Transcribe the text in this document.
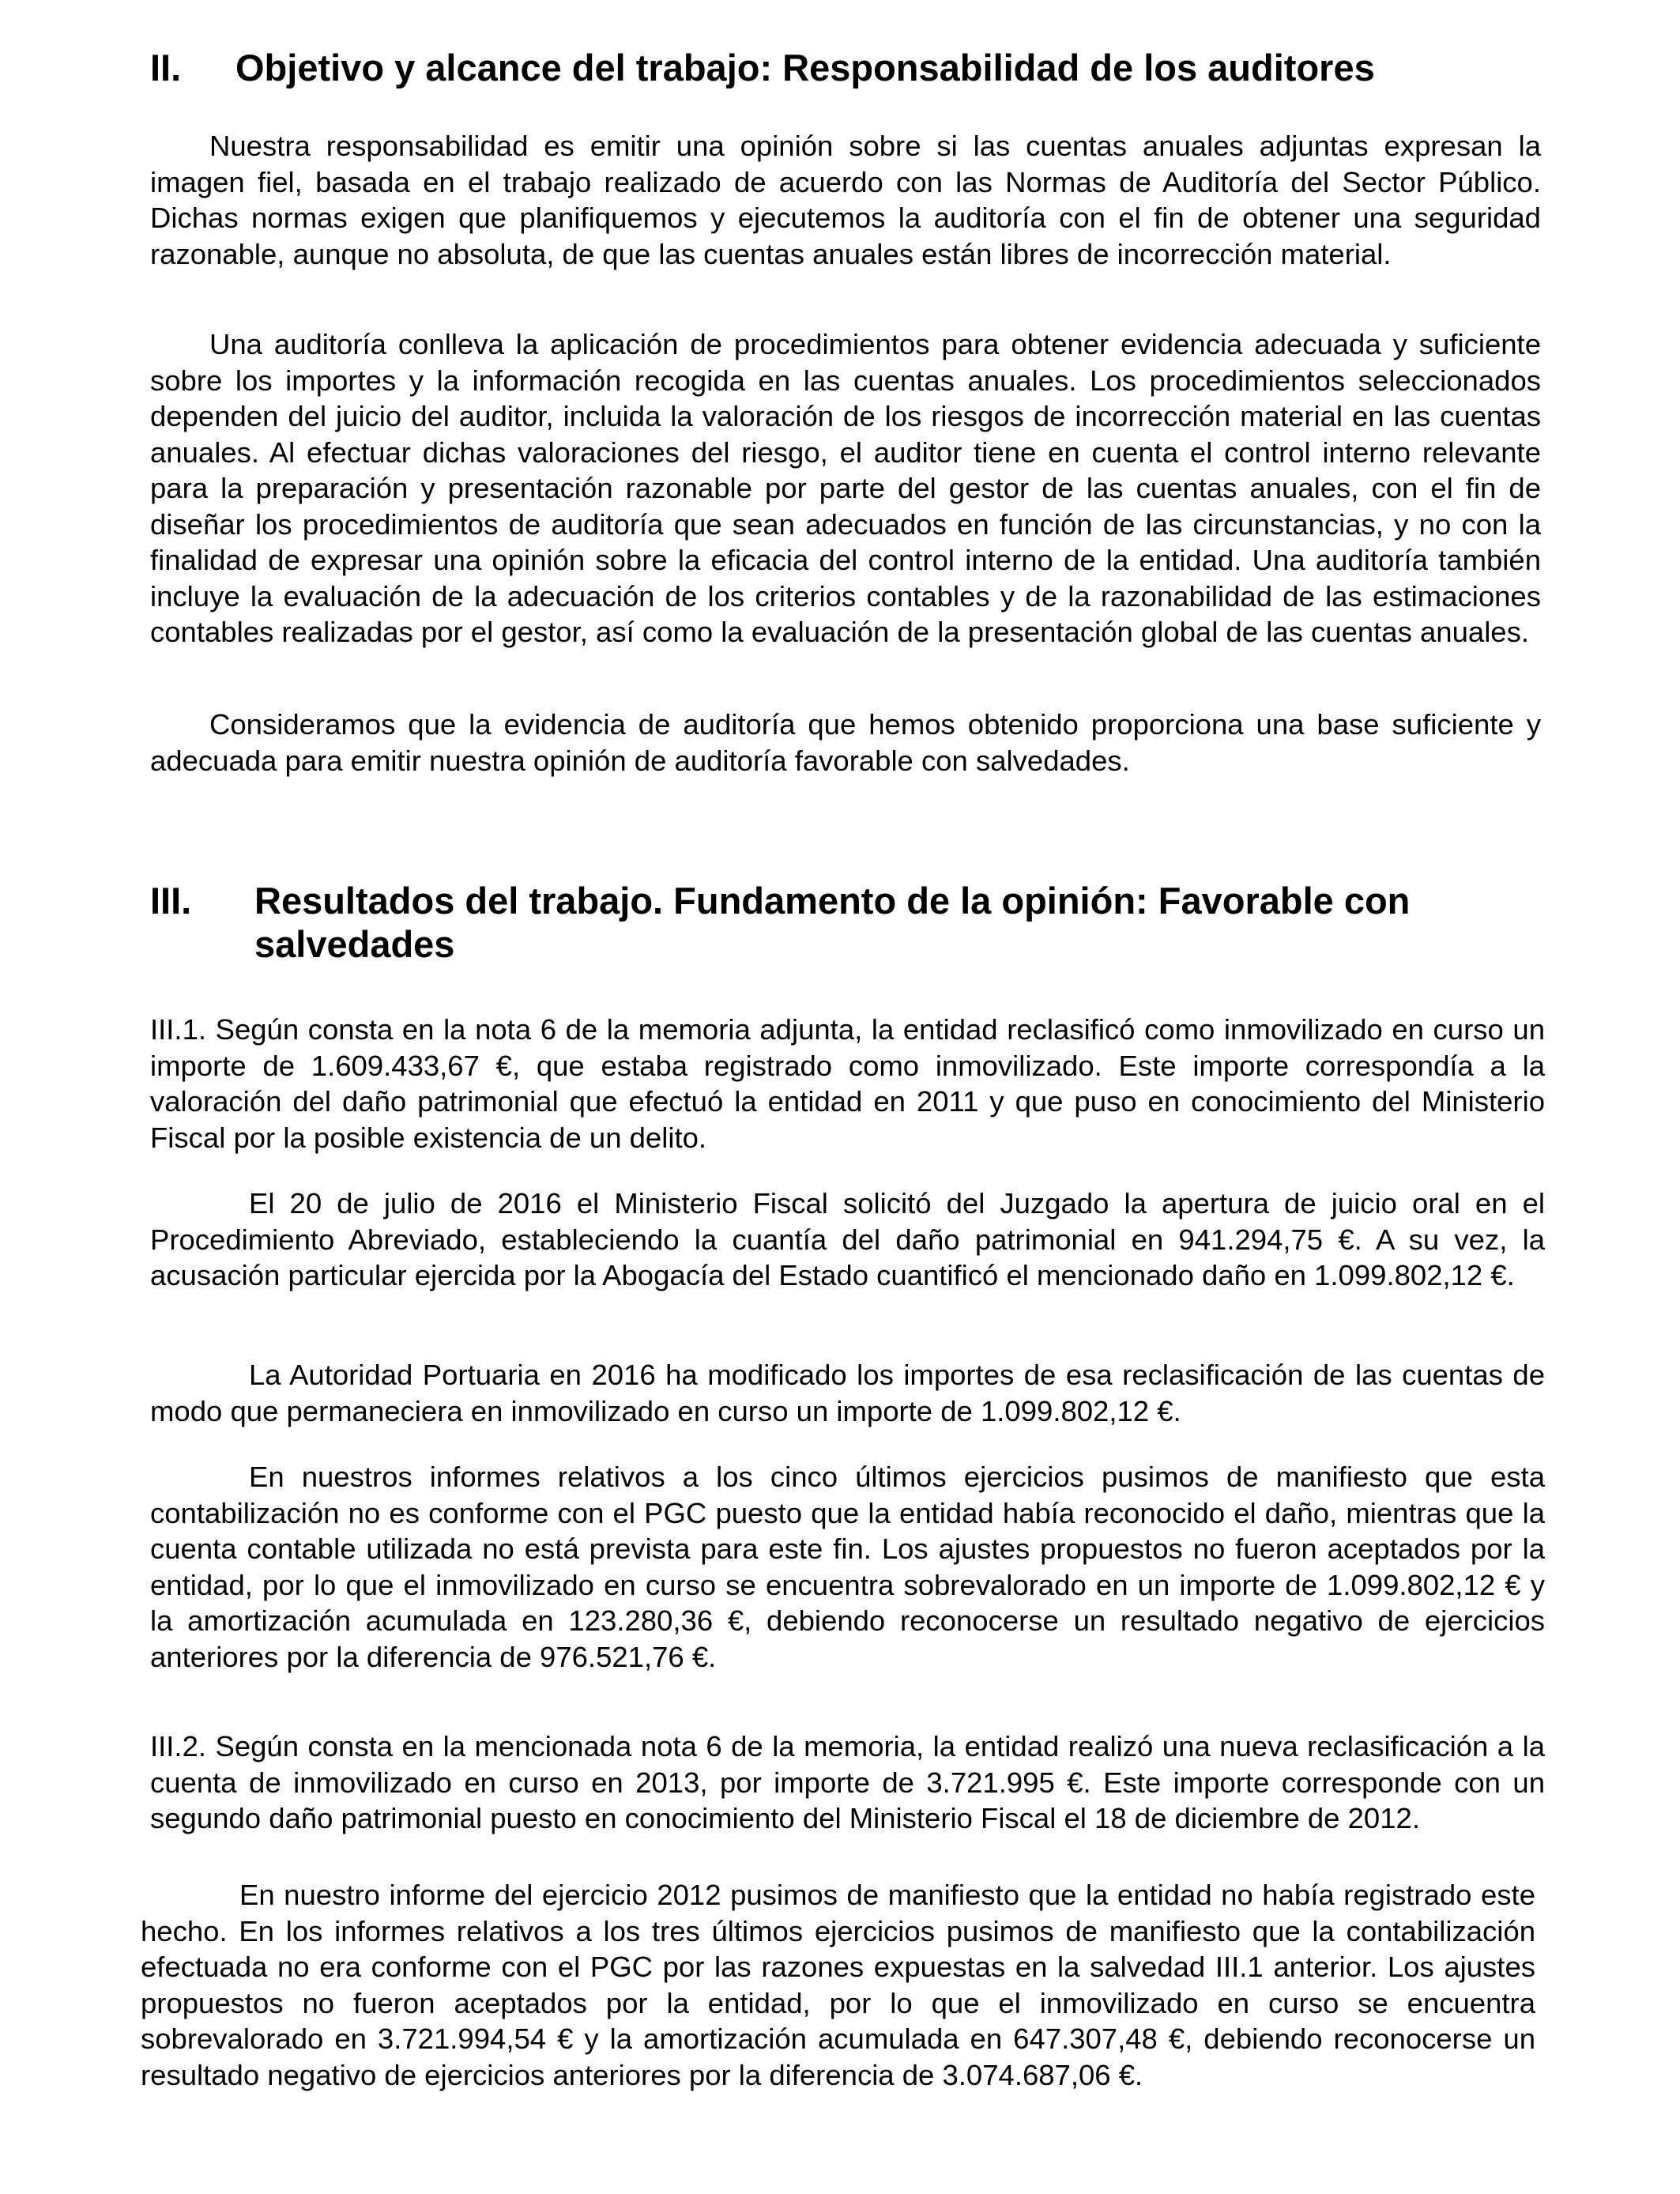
II.	Objetivo y alcance del trabajo: Responsabilidad de los auditores

Nuestra responsabilidad es emitir una opinión sobre si las cuentas anuales adjuntas expresan la imagen fiel, basada en el trabajo realizado de acuerdo con las Normas de Auditoría del Sector Público. Dichas normas exigen que planifiquemos y ejecutemos la auditoría con el fin de obtener una seguridad razonable, aunque no absoluta, de que las cuentas anuales están libres de incorrección material.

Una auditoría conlleva la aplicación de procedimientos para obtener evidencia adecuada y suficiente sobre los importes y la información recogida en las cuentas anuales. Los procedimientos seleccionados dependen del juicio del auditor, incluida la valoración de los riesgos de incorrección material en las cuentas anuales. Al efectuar dichas valoraciones del riesgo, el auditor tiene en cuenta el control interno relevante para la preparación y presentación razonable por parte del gestor de las cuentas anuales, con el fin de diseñar los procedimientos de auditoría que sean adecuados en función de las circunstancias, y no con la finalidad de expresar una opinión sobre la eficacia del control interno de la entidad. Una auditoría también incluye la evaluación de la adecuación de los criterios contables y de la razonabilidad de las estimaciones contables realizadas por el gestor, así como la evaluación de la presentación global de las cuentas anuales.

Consideramos que la evidencia de auditoría que hemos obtenido proporciona una base suficiente y adecuada para emitir nuestra opinión de auditoría favorable con salvedades.

III.	Resultados del trabajo. Fundamento de la opinión: Favorable con salvedades

III.1. Según consta en la nota 6 de la memoria adjunta, la entidad reclasificó como inmovilizado en curso un importe de 1.609.433,67 €, que estaba registrado como inmovilizado. Este importe correspondía a la valoración del daño patrimonial que efectuó la entidad en 2011 y que puso en conocimiento del Ministerio Fiscal por la posible existencia de un delito.

El 20 de julio de 2016 el Ministerio Fiscal solicitó del Juzgado la apertura de juicio oral en el Procedimiento Abreviado, estableciendo la cuantía del daño patrimonial en 941.294,75 €. A su vez, la acusación particular ejercida por la Abogacía del Estado cuantificó el mencionado daño en 1.099.802,12 €.

La Autoridad Portuaria en 2016 ha modificado los importes de esa reclasificación de las cuentas de modo que permaneciera en inmovilizado en curso un importe de 1.099.802,12 €.

En nuestros informes relativos a los cinco últimos ejercicios pusimos de manifiesto que esta contabilización no es conforme con el PGC puesto que la entidad había reconocido el daño, mientras que la cuenta contable utilizada no está prevista para este fin. Los ajustes propuestos no fueron aceptados por la entidad, por lo que el inmovilizado en curso se encuentra sobrevalorado en un importe de 1.099.802,12 € y la amortización acumulada en 123.280,36 €, debiendo reconocerse un resultado negativo de ejercicios anteriores por la diferencia de 976.521,76 €.

III.2. Según consta en la mencionada nota 6 de la memoria, la entidad realizó una nueva reclasificación a la cuenta de inmovilizado en curso en 2013, por importe de 3.721.995 €. Este importe corresponde con un segundo daño patrimonial puesto en conocimiento del Ministerio Fiscal el 18 de diciembre de 2012.

En nuestro informe del ejercicio 2012 pusimos de manifiesto que la entidad no había registrado este hecho. En los informes relativos a los tres últimos ejercicios pusimos de manifiesto que la contabilización efectuada no era conforme con el PGC por las razones expuestas en la salvedad III.1 anterior. Los ajustes propuestos no fueron aceptados por la entidad, por lo que el inmovilizado en curso se encuentra sobrevalorado en 3.721.994,54 € y la amortización acumulada en 647.307,48 €, debiendo reconocerse un resultado negativo de ejercicios anteriores por la diferencia de 3.074.687,06 €.
